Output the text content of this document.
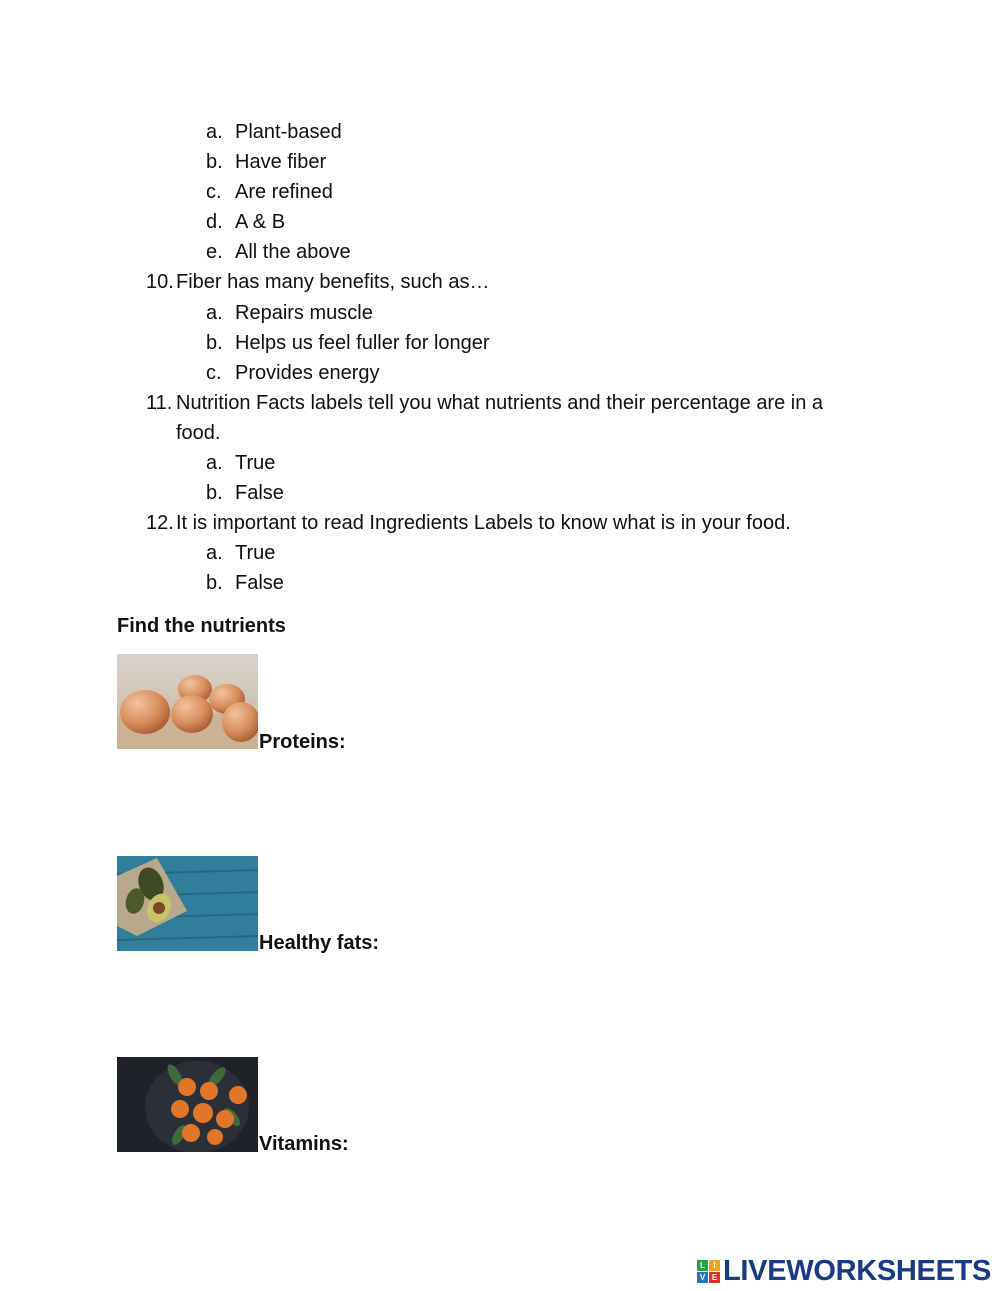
a. Plant-based
b. Have fiber
c. Are refined
d. A & B
e. All the above
10. Fiber has many benefits, such as…
a. Repairs muscle
b. Helps us feel fuller for longer
c. Provides energy
11. Nutrition Facts labels tell you what nutrients and their percentage are in a
food.
a. True
b. False
12. It is important to read Ingredients Labels to know what is in your food.
a. True
b. False
Find the nutrients
Proteins:
Healthy fats:
Vitamins:
L	I
V E LIVEWORKSHEETS
